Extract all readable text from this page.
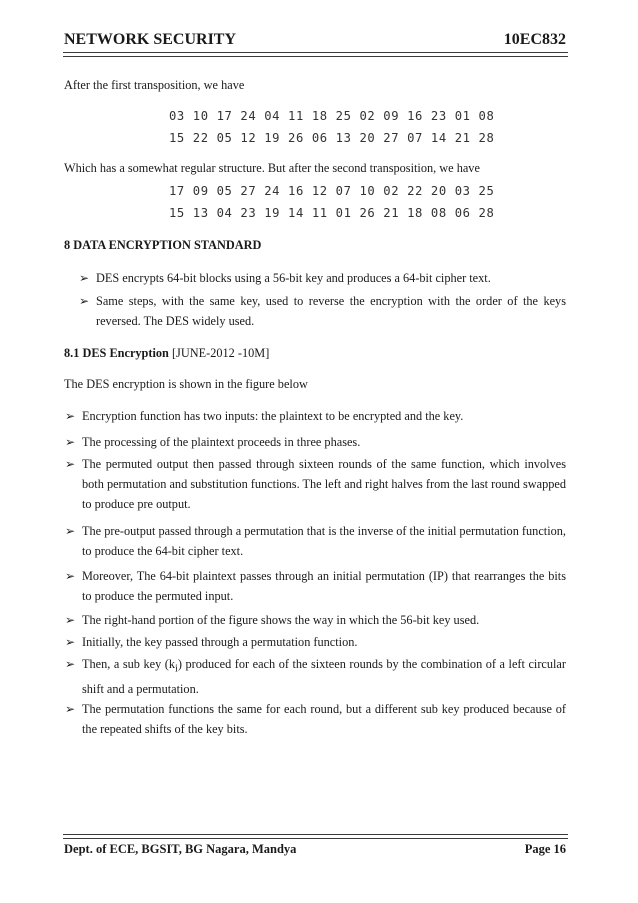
NETWORK SECURITY	10EC832
After the first transposition, we have
03 10 17 24 04 11 18 25 02 09 16 23 01 08
15 22 05 12 19 26 06 13 20 27 07 14 21 28
Which has a somewhat regular structure. But after the second transposition, we have
17 09 05 27 24 16 12 07 10 02 22 20 03 25
15 13 04 23 19 14 11 01 26 21 18 08 06 28
8 DATA ENCRYPTION STANDARD
➢ DES encrypts 64-bit blocks using a 56-bit key and produces a 64-bit cipher text.
➢ Same steps, with the same key, used to reverse the encryption with the order of the keys reversed. The DES widely used.
8.1 DES Encryption [JUNE-2012 -10M]
The DES encryption is shown in the figure below
➢ Encryption function has two inputs: the plaintext to be encrypted and the key.
➢ The processing of the plaintext proceeds in three phases.
➢ The permuted output then passed through sixteen rounds of the same function, which involves both permutation and substitution functions. The left and right halves from the last round swapped to produce pre output.
➢ The pre-output passed through a permutation that is the inverse of the initial permutation function, to produce the 64-bit cipher text.
➢ Moreover, The 64-bit plaintext passes through an initial permutation (IP) that rearranges the bits to produce the permuted input.
➢ The right-hand portion of the figure shows the way in which the 56-bit key used.
➢ Initially, the key passed through a permutation function.
➢ Then, a sub key $(k_i)$ produced for each of the sixteen rounds by the combination of a left circular shift and a permutation.
➢ The permutation functions the same for each round, but a different sub key produced because of the repeated shifts of the key bits.
Dept. of ECE, BGSIT, BG Nagara, Mandya	Page 16
